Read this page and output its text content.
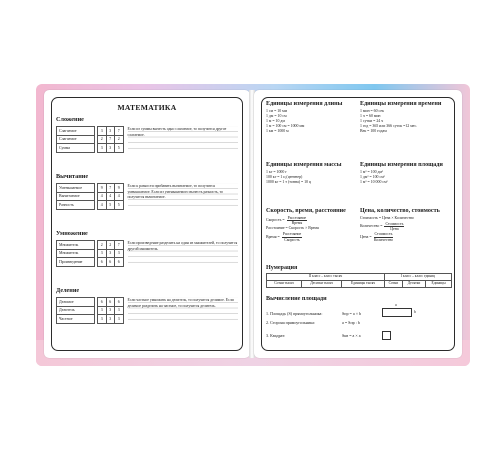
МАТЕМАТИКА
Сложение
Слагаемое		3	3	7
Слагаемое		2	7	2
Сумма		3	3	5
Если из суммы вычесть одно слагаемое, то получится другое слагаемое.
Вычитание
Уменьшаемое		9	7	9
Вычитаемое		4	4	4
Разность		4	5	5
Если к разности прибавить вычитаемое, то получится уменьшаемое. Если из уменьшаемого вычесть разность, то получится вычитаемое.
Умножение
Множитель		2	2	7
Множитель		3	3	3
Произведение		6	6	6
Если произведение разделить на один из множителей, то получится другой множитель.
Деление
Делимое		6	6	6
Делитель		3	3	3
Частное		3	3	3
Если частное умножить на делитель, то получится делимое. Если делимое разделить на частное, то получится делитель.
Единицы измерения длины
1 см = 10 мм
1 дм = 10 см
1 м = 10 дм
1 м = 100 см = 1000 мм
1 км = 1000 м
Единицы измерения времени
1 мин = 60 сек
1 ч = 60 мин
1 сутки = 24 ч
1 год = 365 или 366 суток =12 мес.
Век = 100 годам
Единицы измерения массы
1 кг = 1000 г
100 кг = 1 ц (центнер)
1000 кг = 1 т (тонна) = 10 ц
Единицы измерения площади
1 м² = 100 дм²
1 дм² = 100 см²
1 м² = 10 000 см²
Скорость, время, расстояние
Скорость = $\frac{\text{Расстояние}}{\text{Время}}$
Расстояние = Скорость × Время
Время = $\frac{\text{Расстояние}}{\text{Скорость}}$
Цена, количество, стоимость
Стоимость = Цена × Количество
Количество = $\frac{\text{Стоимость}}{\text{Цена}}$
Цена = $\frac{\text{Стоимость}}{\text{Количество}}$
Нумерация
II класс – класс тысяч			I класс – класс единиц		
Сотни тысяч	Десятки тысяч	Единицы тысяч	Сотни	Десятки	Единицы
Вычисление площади
1. Площадь (S) прямоугольника:	Sпр = a × b
a
b
2. Сторона прямоугольника:	a = Sпр : b
3. Квадрат:	Sкв = a × a
